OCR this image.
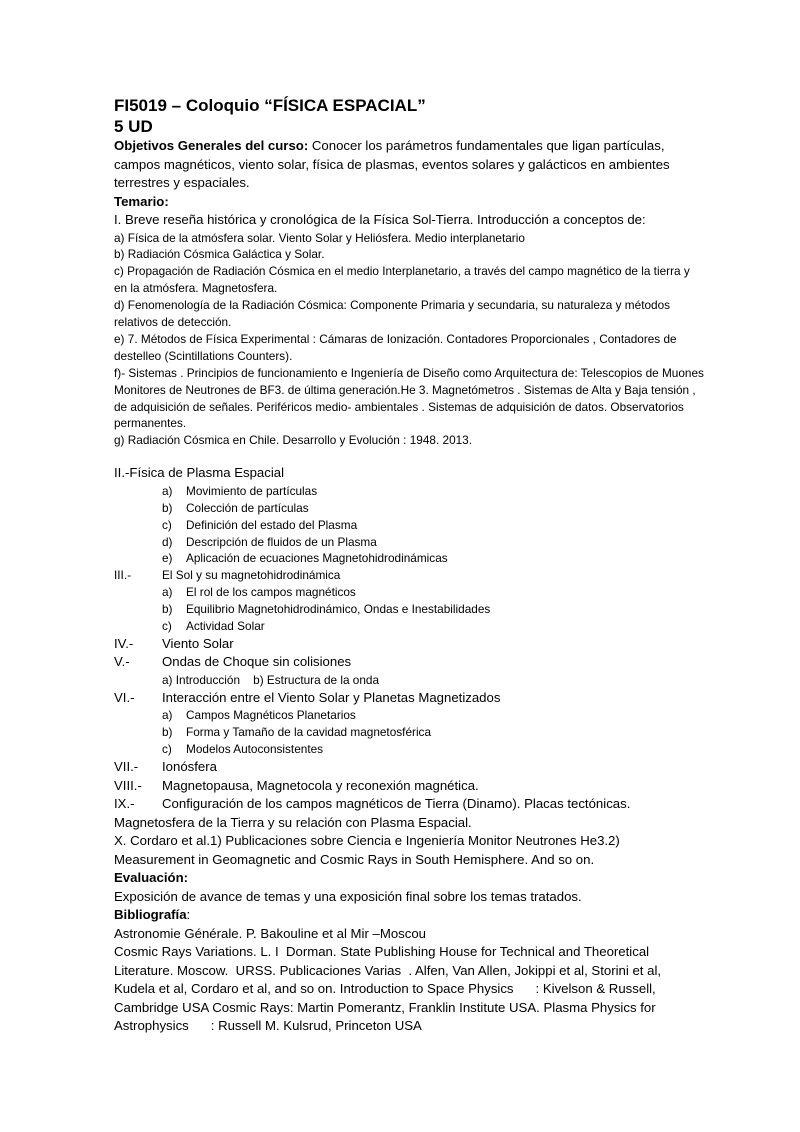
FI5019 – Coloquio “FÍSICA ESPACIAL”
5 UD
Objetivos Generales del curso: Conocer los parámetros fundamentales que ligan partículas, campos magnéticos, viento solar, física de plasmas, eventos solares y galácticos en ambientes terrestres y espaciales.
Temario:
I. Breve reseña histórica y cronológica de la Física Sol-Tierra. Introducción a conceptos de:
a) Física de la atmósfera solar. Viento Solar y Heliósfera. Medio interplanetario
b) Radiación Cósmica Galáctica y Solar.
c) Propagación de Radiación Cósmica en el medio Interplanetario, a través del campo magnético de la tierra y en la atmósfera. Magnetosfera.
d) Fenomenología de la Radiación Cósmica: Componente Primaria y secundaria, su naturaleza y métodos relativos de detección.
e) 7. Métodos de Física Experimental : Cámaras de Ionización. Contadores Proporcionales , Contadores de destelleo (Scintillations Counters).
f)- Sistemas . Principios de funcionamiento e Ingeniería de Diseño como Arquitectura de: Telescopios de Muones Monitores de Neutrones de BF3. de última generación.He 3. Magnetómetros . Sistemas de Alta y Baja tensión , de adquisición de señales. Periféricos medio- ambientales . Sistemas de adquisición de datos. Observatorios permanentes.
g) Radiación Cósmica en Chile. Desarrollo y Evolución : 1948. 2013.
II.-Física de Plasma Espacial
a)	Movimiento de partículas
b)	Colección de partículas
c)	Definición del estado del Plasma
d)	Descripción de fluidos de un Plasma
e)	Aplicación de ecuaciones Magnetohidrodinámicas
III.-	El Sol y su magnetohidrodinámica
a)	El rol de los campos magnéticos
b)	Equilibrio Magnetohidrodinámico, Ondas e Inestabilidades
c)	Actividad Solar
IV.-	Viento Solar
V.-	Ondas de Choque sin colisiones
a) Introducción    b) Estructura de la onda
VI.-	Interacción entre el Viento Solar y Planetas Magnetizados
a)	Campos Magnéticos Planetarios
b)	Forma y Tamaño de la cavidad magnetosférica
c)	Modelos Autoconsistentes
VII.-	Ionósfera
VIII.-	Magnetopausa, Magnetocola y reconexión magnética.
IX.-	Configuración de los campos magnéticos de Tierra (Dinamo). Placas tectónicas.
Magnetosfera de la Tierra y su relación con Plasma Espacial.
X. Cordaro et al.1) Publicaciones sobre Ciencia e Ingeniería Monitor Neutrones He3.2) Measurement in Geomagnetic and Cosmic Rays in South Hemisphere. And so on.
Evaluación:
Exposición de avance de temas y una exposición final sobre los temas tratados.
Bibliografía:
Astronomie Générale. P. Bakouline et al Mir –Moscou
Cosmic Rays Variations. L. I  Dorman. State Publishing House for Technical and Theoretical Literature. Moscow.  URSS. Publicaciones Varias  . Alfen, Van Allen, Jokippi et al, Storini et al, Kudela et al, Cordaro et al, and so on. Introduction to Space Physics      : Kivelson & Russell, Cambridge USA Cosmic Rays: Martin Pomerantz, Franklin Institute USA. Plasma Physics for Astrophysics      : Russell M. Kulsrud, Princeton USA
